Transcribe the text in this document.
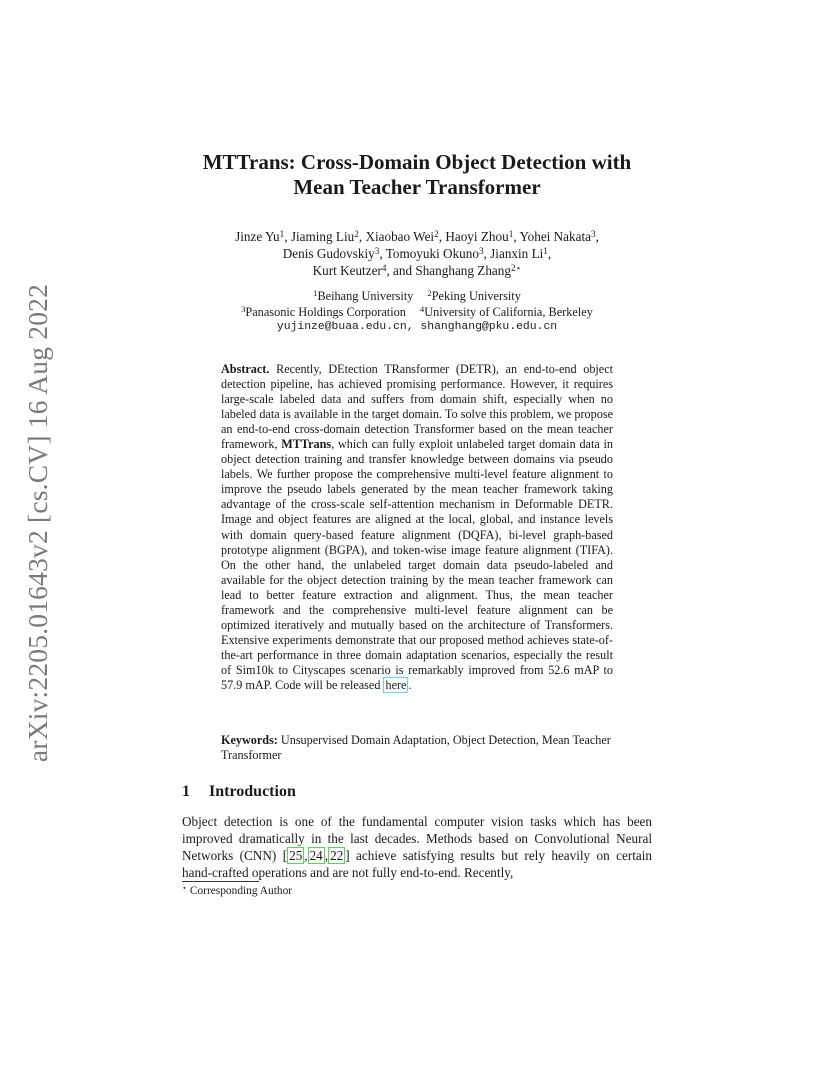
arXiv:2205.01643v2 [cs.CV] 16 Aug 2022
MTTrans: Cross-Domain Object Detection with
Mean Teacher Transformer
Jinze Yu$^1$, Jiaming Liu$^2$, Xiaobao Wei$^2$, Haoyi Zhou$^1$, Yohei Nakata$^3$,
Denis Gudovskiy$^3$, Tomoyuki Okuno$^3$, Jianxin Li$^1$,
Kurt Keutzer$^4$, and Shanghang Zhang$^{2⋆}$
$^1$Beihang University $^2$Peking University
$^3$Panasonic Holdings Corporation $^4$University of California, Berkeley
yujinze@buaa.edu.cn, shanghang@pku.edu.cn
Abstract. Recently, DEtection TRansformer (DETR), an end-to-end object detection pipeline, has achieved promising performance. However, it requires large-scale labeled data and suffers from domain shift, especially when no labeled data is available in the target domain. To solve this problem, we propose an end-to-end cross-domain detection Transformer based on the mean teacher framework, MTTrans, which can fully exploit unlabeled target domain data in object detection training and transfer knowledge between domains via pseudo labels. We further propose the comprehensive multi-level feature alignment to improve the pseudo labels generated by the mean teacher framework taking advantage of the cross-scale self-attention mechanism in Deformable DETR. Image and object features are aligned at the local, global, and instance levels with domain query-based feature alignment (DQFA), bi-level graph-based prototype alignment (BGPA), and token-wise image feature alignment (TIFA). On the other hand, the unlabeled target domain data pseudo-labeled and available for the object detection training by the mean teacher framework can lead to better feature extraction and alignment. Thus, the mean teacher framework and the comprehensive multi-level feature alignment can be optimized iteratively and mutually based on the architecture of Transformers. Extensive experiments demonstrate that our proposed method achieves state-of-the-art performance in three domain adaptation scenarios, especially the result of Sim10k to Cityscapes scenario is remarkably improved from 52.6 mAP to 57.9 mAP. Code will be released here .
Keywords: Unsupervised Domain Adaptation, Object Detection, Mean Teacher Transformer
1 Introduction
Object detection is one of the fundamental computer vision tasks which has been improved dramatically in the last decades. Methods based on Convolutional Neural Networks (CNN) [ 25 , 24 , 22 ] achieve satisfying results but rely heavily on certain hand-crafted operations and are not fully end-to-end. Recently,
⋆ Corresponding Author
